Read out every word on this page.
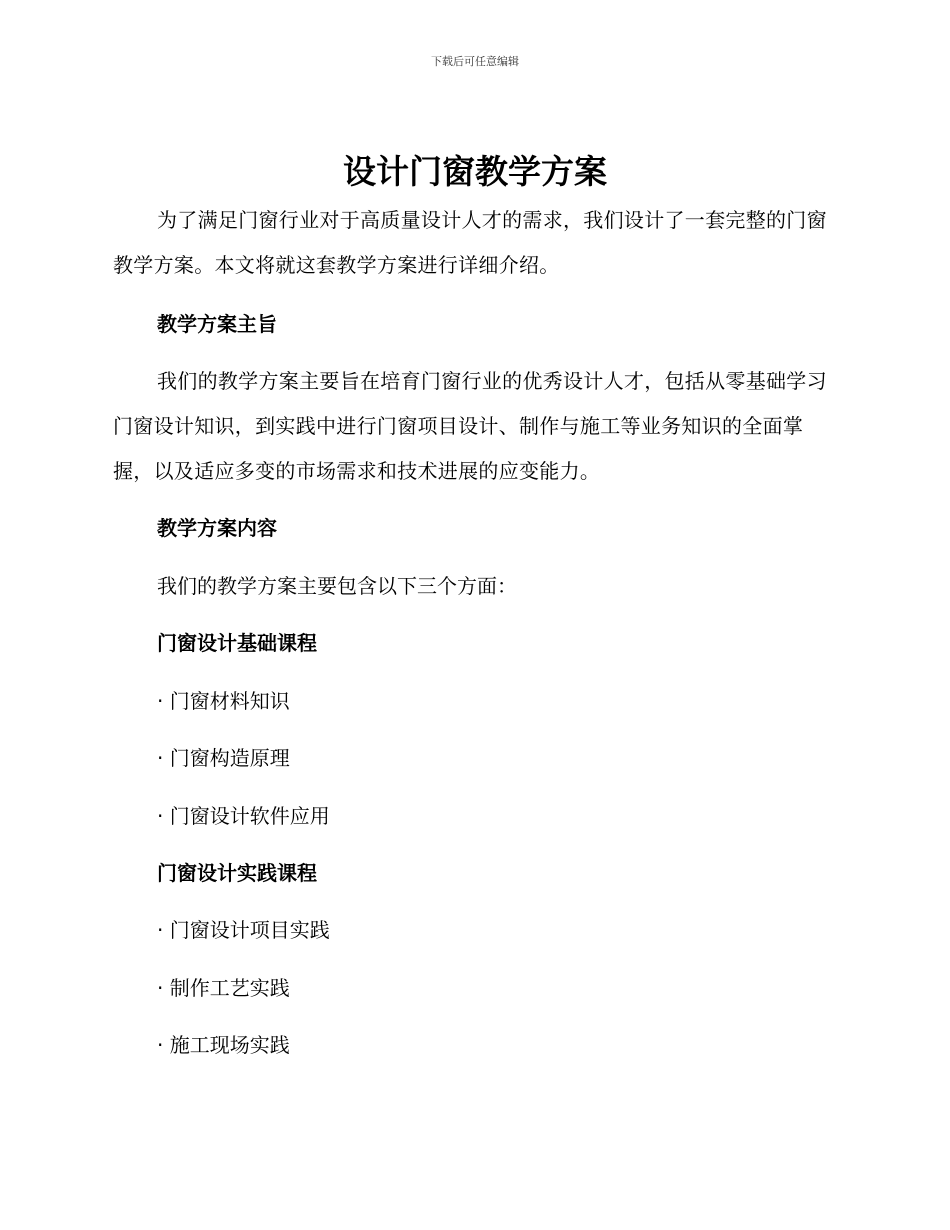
下载后可任意编辑
设计门窗教学方案

为了满足门窗行业对于高质量设计人才的需求，我们设计了一套完整的门窗教学方案。本文将就这套教学方案进行详细介绍。

教学方案主旨

我们的教学方案主要旨在培育门窗行业的优秀设计人才，包括从零基础学习门窗设计知识，到实践中进行门窗项目设计、制作与施工等业务知识的全面掌握，以及适应多变的市场需求和技术进展的应变能力。

教学方案内容

我们的教学方案主要包含以下三个方面：

门窗设计基础课程

· 门窗材料知识

· 门窗构造原理

· 门窗设计软件应用

门窗设计实践课程

· 门窗设计项目实践

· 制作工艺实践

· 施工现场实践
